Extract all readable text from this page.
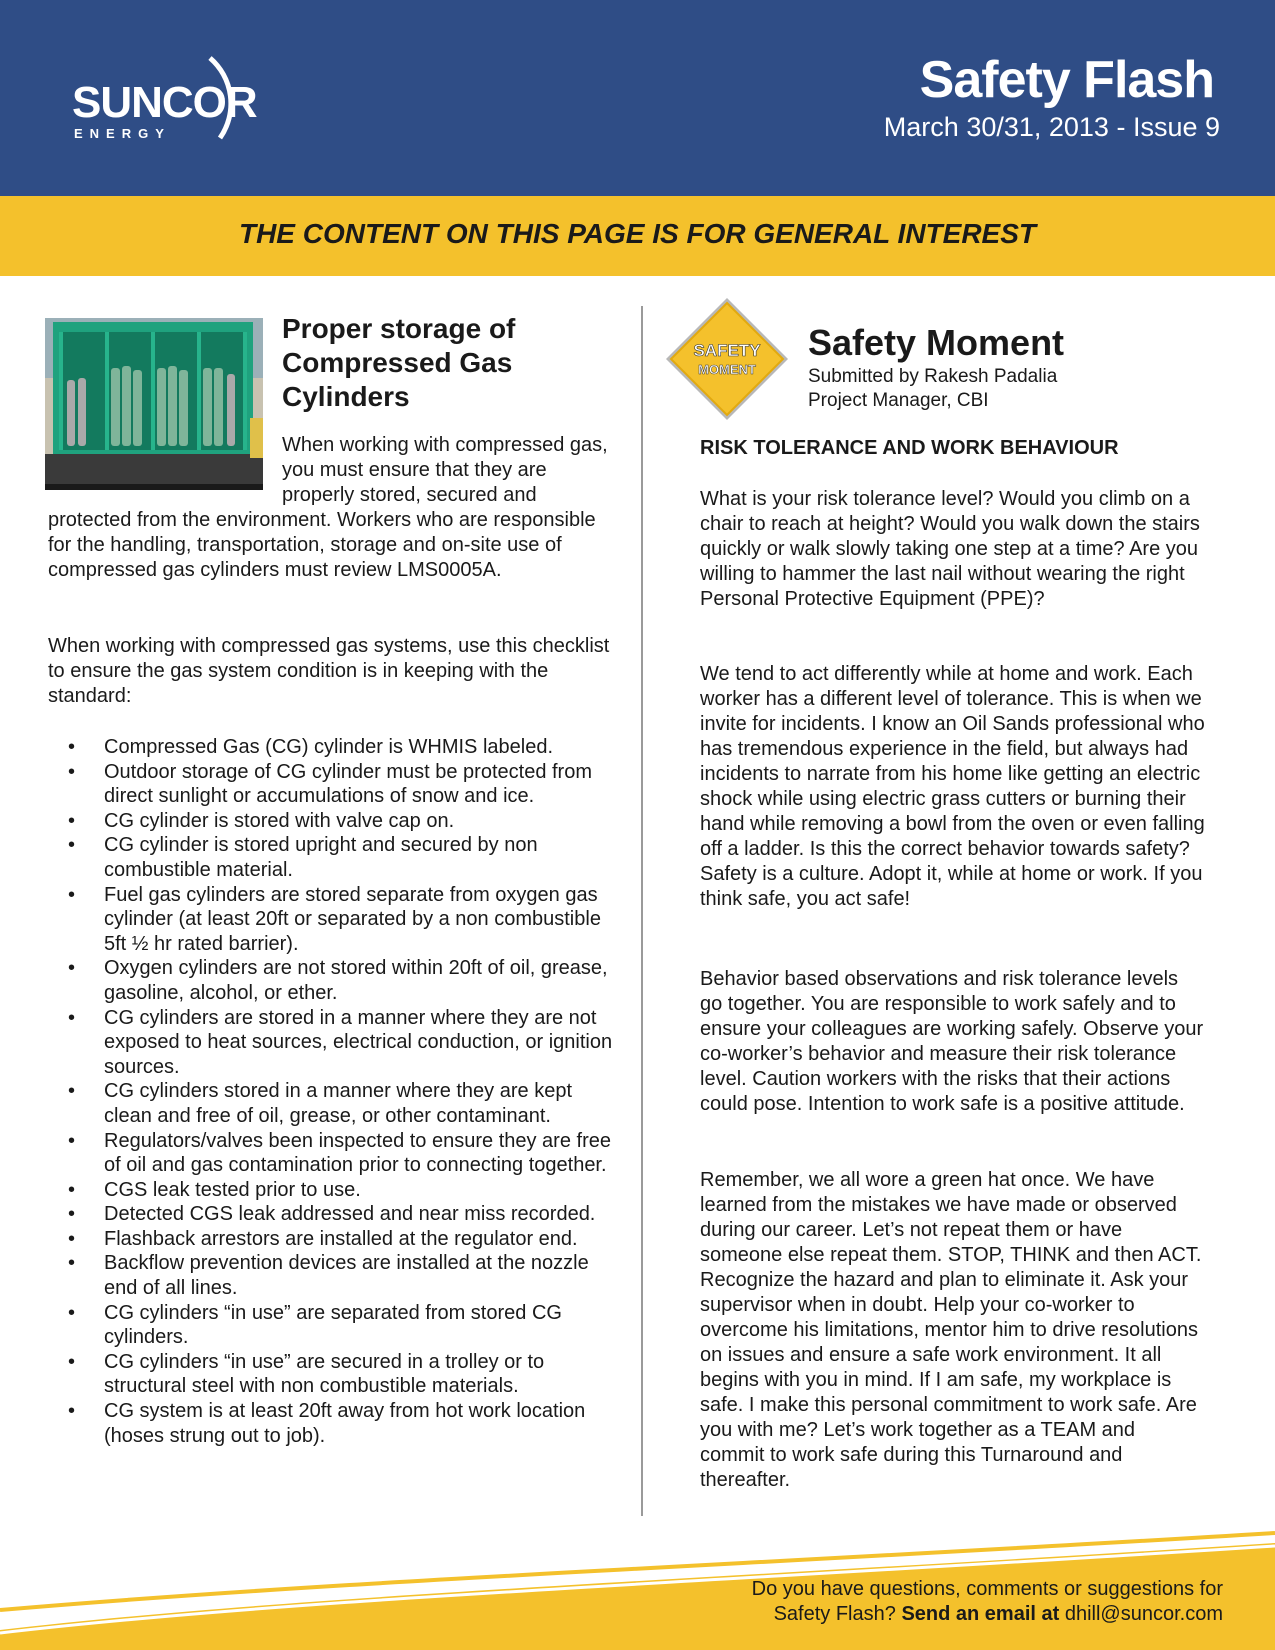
SUNCOR
ENERGY
Safety Flash
March 30/31, 2013 - Issue 9
THE CONTENT ON THIS PAGE IS FOR GENERAL INTEREST
Proper storage of Compressed Gas Cylinders
When working with compressed gas, you must ensure that they are properly stored, secured and
protected from the environment. Workers who are responsible for the handling, transportation, storage and on-site use of compressed gas cylinders must review LMS0005A.
When working with compressed gas systems, use this checklist to ensure the gas system condition is in keeping with the standard:
• Compressed Gas (CG) cylinder is WHMIS labeled.
• Outdoor storage of CG cylinder must be protected from direct sunlight or accumulations of snow and ice.
• CG cylinder is stored with valve cap on.
• CG cylinder is stored upright and secured by non combustible material.
• Fuel gas cylinders are stored separate from oxygen gas cylinder (at least 20ft or separated by a non combustible 5ft ½ hr rated barrier).
• Oxygen cylinders are not stored within 20ft of oil, grease, gasoline, alcohol, or ether.
• CG cylinders are stored in a manner where they are not exposed to heat sources, electrical conduction, or ignition sources.
• CG cylinders stored in a manner where they are kept clean and free of oil, grease, or other contaminant.
• Regulators/valves been inspected to ensure they are free of oil and gas contamination prior to connecting together.
• CGS leak tested prior to use.
• Detected CGS leak addressed and near miss recorded.
• Flashback arrestors are installed at the regulator end.
• Backflow prevention devices are installed at the nozzle end of all lines.
• CG cylinders “in use” are separated from stored CG cylinders.
• CG cylinders “in use” are secured in a trolley or to structural steel with non combustible materials.
• CG system is at least 20ft away from hot work location (hoses strung out to job).
SAFETY
MOMENT
Safety Moment
Submitted by Rakesh Padalia
Project Manager, CBI
RISK TOLERANCE AND WORK BEHAVIOUR
What is your risk tolerance level? Would you climb on a chair to reach at height? Would you walk down the stairs quickly or walk slowly taking one step at a time? Are you willing to hammer the last nail without wearing the right Personal Protective Equipment (PPE)?
We tend to act differently while at home and work. Each worker has a different level of tolerance. This is when we invite for incidents. I know an Oil Sands professional who has tremendous experience in the field, but always had incidents to narrate from his home like getting an electric shock while using electric grass cutters or burning their hand while removing a bowl from the oven or even falling off a ladder. Is this the correct behavior towards safety? Safety is a culture. Adopt it, while at home or work. If you think safe, you act safe!
Behavior based observations and risk tolerance levels go together. You are responsible to work safely and to ensure your colleagues are working safely. Observe your co-worker’s behavior and measure their risk tolerance level. Caution workers with the risks that their actions could pose. Intention to work safe is a positive attitude.
Remember, we all wore a green hat once. We have learned from the mistakes we have made or observed during our career. Let’s not repeat them or have someone else repeat them. STOP, THINK and then ACT. Recognize the hazard and plan to eliminate it. Ask your supervisor when in doubt. Help your co-worker to overcome his limitations, mentor him to drive resolutions on issues and ensure a safe work environment. It all begins with you in mind. If I am safe, my workplace is safe. I make this personal commitment to work safe. Are you with me? Let’s work together as a TEAM and commit to work safe during this Turnaround and thereafter.
Do you have questions, comments or suggestions for
Safety Flash? Send an email at dhill@suncor.com
